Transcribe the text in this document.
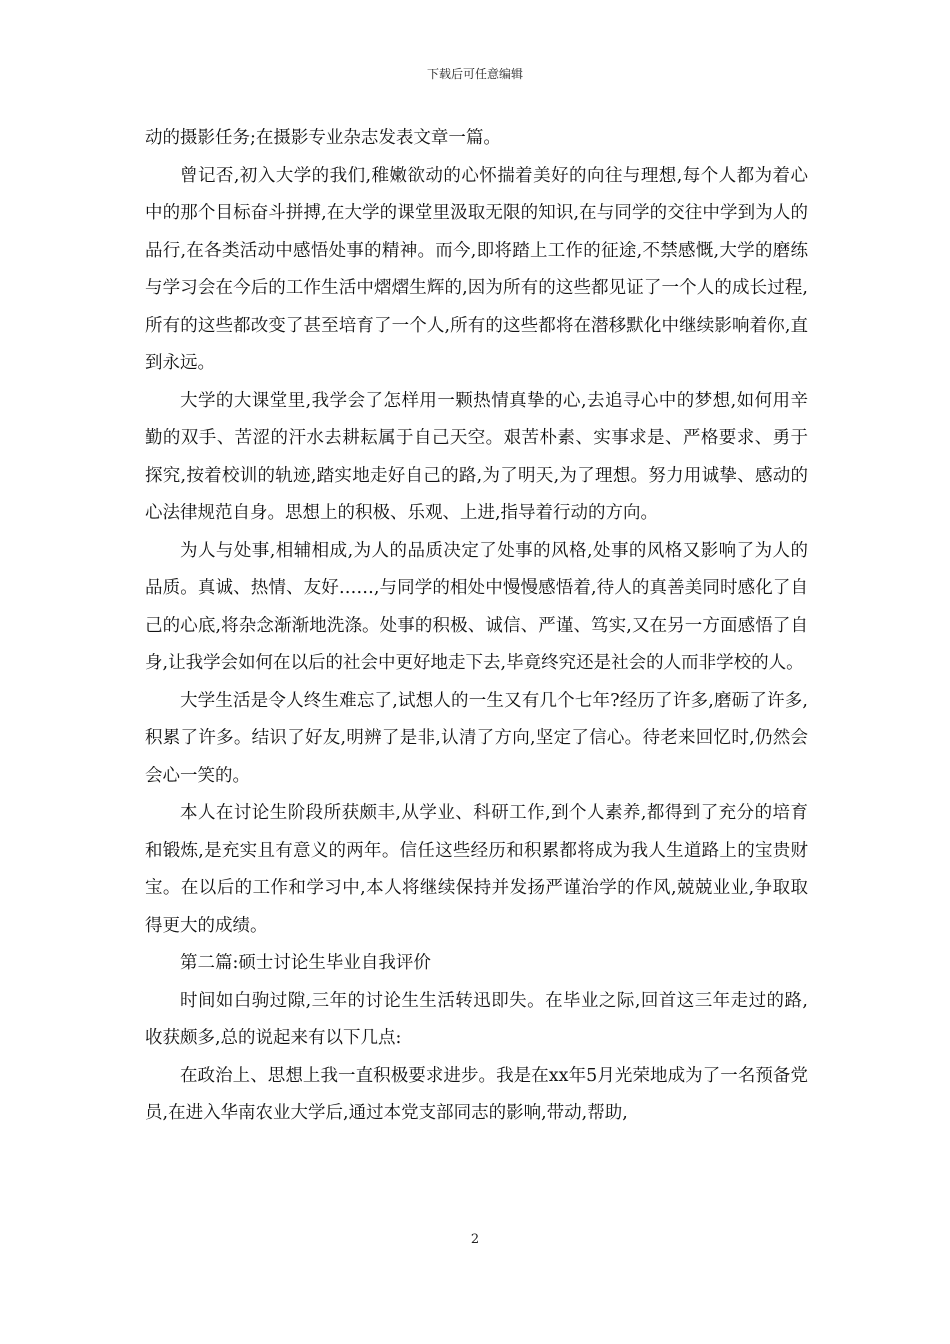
下载后可任意编辑

动的摄影任务;在摄影专业杂志发表文章一篇。

曾记否,初入大学的我们,稚嫩欲动的心怀揣着美好的向往与理想,每个人都为着心中的那个目标奋斗拼搏,在大学的课堂里汲取无限的知识,在与同学的交往中学到为人的品行,在各类活动中感悟处事的精神。而今,即将踏上工作的征途,不禁感慨,大学的磨练与学习会在今后的工作生活中熠熠生辉的,因为所有的这些都见证了一个人的成长过程,所有的这些都改变了甚至培育了一个人,所有的这些都将在潜移默化中继续影响着你,直到永远。

大学的大课堂里,我学会了怎样用一颗热情真挚的心,去追寻心中的梦想,如何用辛勤的双手、苦涩的汗水去耕耘属于自己天空。艰苦朴素、实事求是、严格要求、勇于探究,按着校训的轨迹,踏实地走好自己的路,为了明天,为了理想。努力用诚挚、感动的心法律规范自身。思想上的积极、乐观、上进,指导着行动的方向。

为人与处事,相辅相成,为人的品质决定了处事的风格,处事的风格又影响了为人的品质。真诚、热情、友好……,与同学的相处中慢慢感悟着,待人的真善美同时感化了自己的心底,将杂念渐渐地洗涤。处事的积极、诚信、严谨、笃实,又在另一方面感悟了自身,让我学会如何在以后的社会中更好地走下去,毕竟终究还是社会的人而非学校的人。

大学生活是令人终生难忘了,试想人的一生又有几个七年?经历了许多,磨砺了许多,积累了许多。结识了好友,明辨了是非,认清了方向,坚定了信心。待老来回忆时,仍然会会心一笑的。

本人在讨论生阶段所获颇丰,从学业、科研工作,到个人素养,都得到了充分的培育和锻炼,是充实且有意义的两年。信任这些经历和积累都将成为我人生道路上的宝贵财宝。在以后的工作和学习中,本人将继续保持并发扬严谨治学的作风,兢兢业业,争取取得更大的成绩。

第二篇:硕士讨论生毕业自我评价

时间如白驹过隙,三年的讨论生生活转迅即失。在毕业之际,回首这三年走过的路,收获颇多,总的说起来有以下几点:

在政治上、思想上我一直积极要求进步。我是在xx年5月光荣地成为了一名预备党员,在进入华南农业大学后,通过本党支部同志的影响,带动,帮助,

2
